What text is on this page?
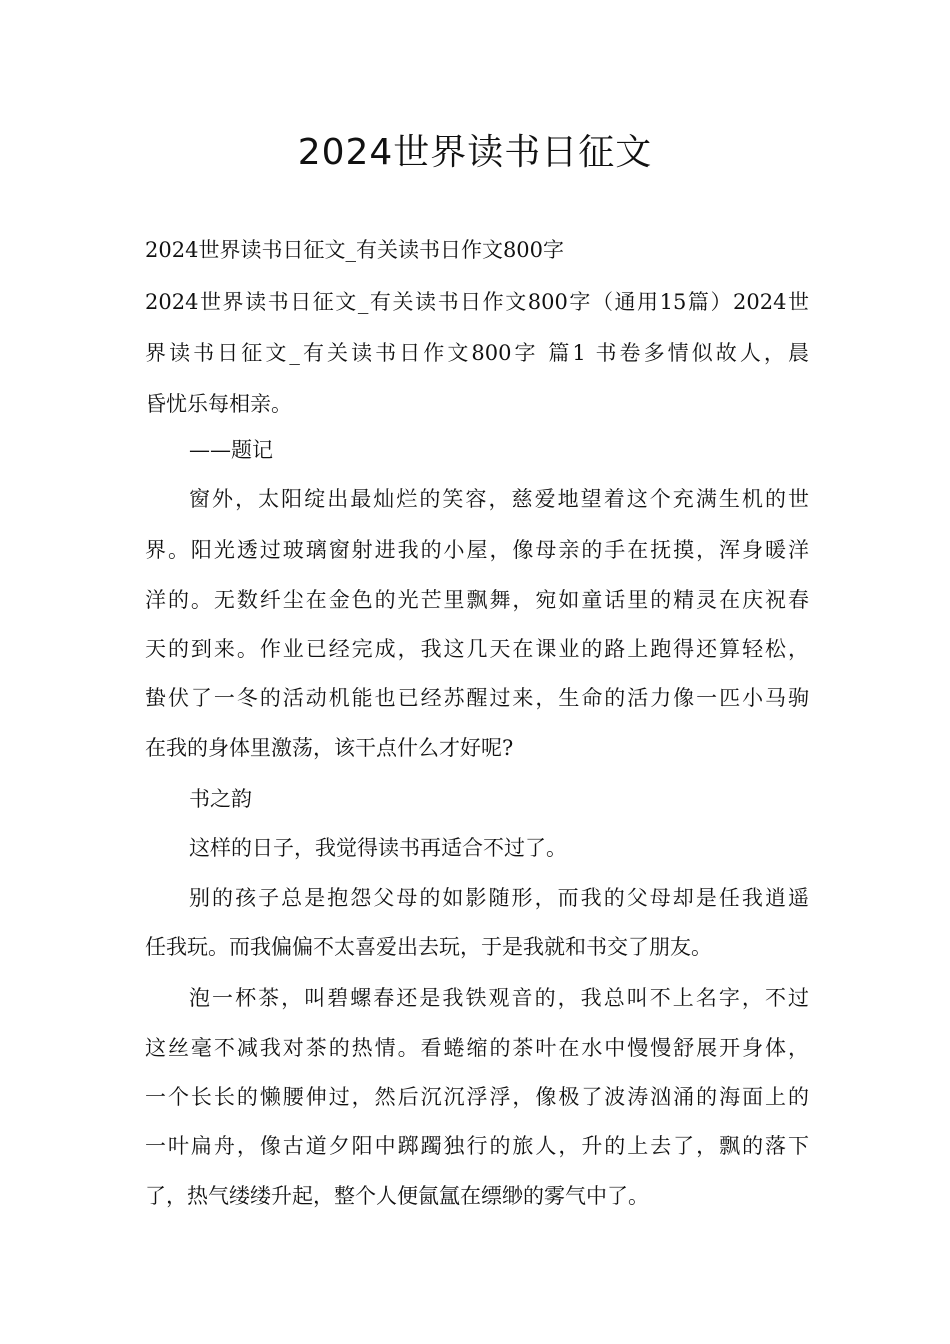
2024世界读书日征文
2024世界读书日征文_有关读书日作文800字
2024世界读书日征文_有关读书日作文800字（通用15篇）2024世
界读书日征文_有关读书日作文800字 篇1 书卷多情似故人，晨
昏忧乐每相亲。
——题记
窗外，太阳绽出最灿烂的笑容，慈爱地望着这个充满生机的世
界。阳光透过玻璃窗射进我的小屋，像母亲的手在抚摸，浑身暖洋
洋的。无数纤尘在金色的光芒里飘舞，宛如童话里的精灵在庆祝春
天的到来。作业已经完成，我这几天在课业的路上跑得还算轻松，
蛰伏了一冬的活动机能也已经苏醒过来，生命的活力像一匹小马驹
在我的身体里激荡，该干点什么才好呢?
书之韵
这样的日子，我觉得读书再适合不过了。
别的孩子总是抱怨父母的如影随形，而我的父母却是任我逍遥
任我玩。而我偏偏不太喜爱出去玩，于是我就和书交了朋友。
泡一杯茶，叫碧螺春还是我铁观音的，我总叫不上名字，不过
这丝毫不减我对茶的热情。看蜷缩的茶叶在水中慢慢舒展开身体，
一个长长的懒腰伸过，然后沉沉浮浮，像极了波涛汹涌的海面上的
一叶扁舟，像古道夕阳中踯躅独行的旅人，升的上去了，飘的落下
了，热气缕缕升起，整个人便氤氲在缥缈的雾气中了。
